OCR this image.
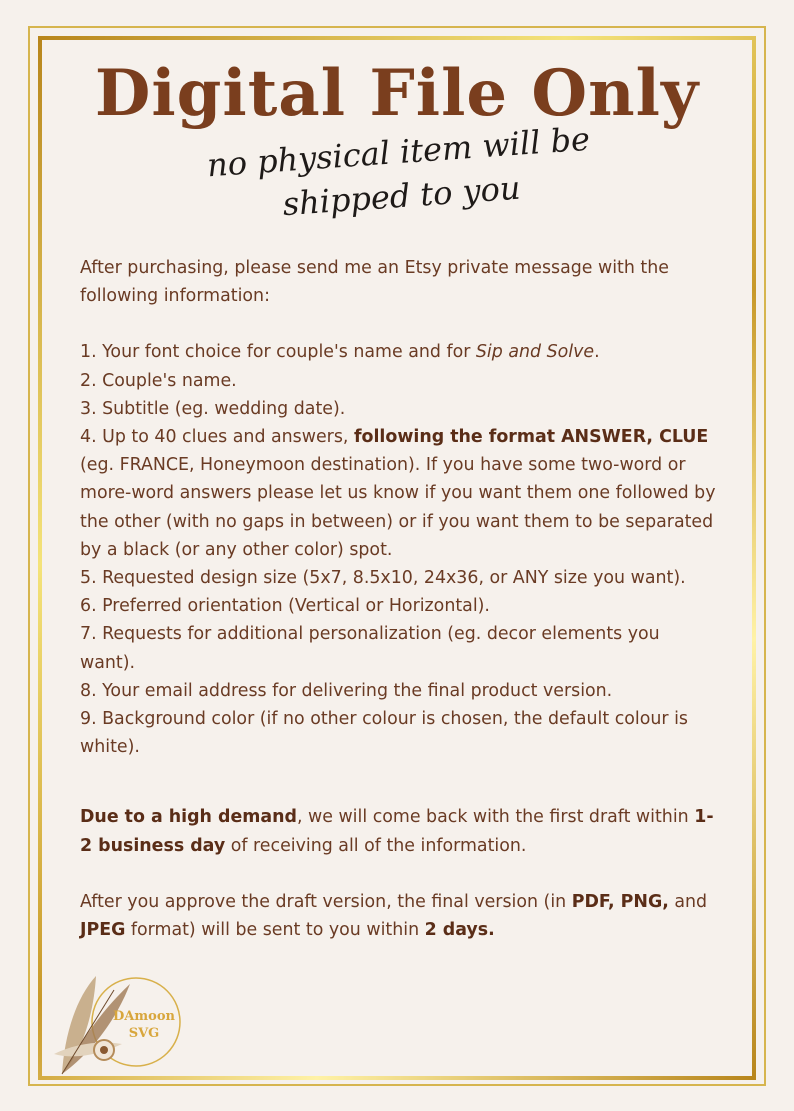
Digital File Only
no physical item will be
shipped to you

After purchasing, please send me an Etsy private message with the following information:

1. Your font choice for couple's name and for Sip and Solve.

2. Couple's name.

3. Subtitle (eg. wedding date).

4. Up to 40 clues and answers, following the format ANSWER, CLUE (eg. FRANCE, Honeymoon destination). If you have some two-word or more-word answers please let us know if you want them one followed by the other (with no gaps in between) or if you want them to be separated by a black (or any other color) spot.

5. Requested design size (5x7, 8.5x10, 24x36, or ANY size you want).

6. Preferred orientation (Vertical or Horizontal).

7. Requests for additional personalization (eg. decor elements you want).

8. Your email address for delivering the final product version.

9. Background color (if no other colour is chosen, the default colour is white).

Due to a high demand, we will come back with the first draft within 1-2 business day of receiving all of the information.

After you approve the draft version, the final version (in PDF, PNG, and JPEG format) will be sent to you within 2 days.

DAmoon
SVG
